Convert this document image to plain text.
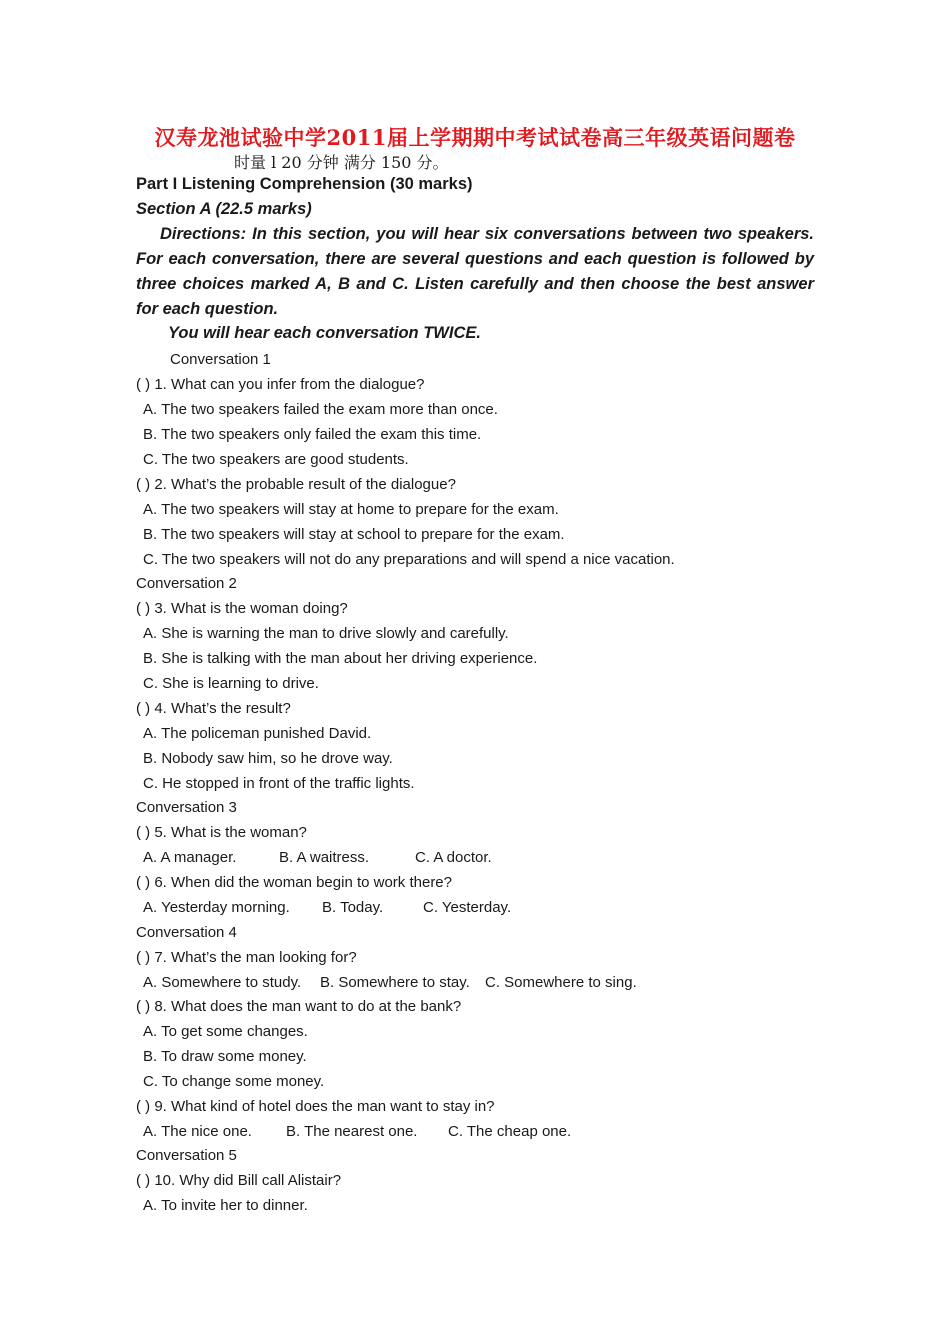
汉寿龙池试验中学2011届上学期期中考试试卷高三年级英语问题卷
时量 l 20 分钟 满分 150 分。
Part I Listening Comprehension (30 marks)
Section A (22.5 marks)
Directions: In this section, you will hear six conversations between two speakers. For each conversation, there are several questions and each question is followed by three choices marked A, B and C. Listen carefully and then choose the best answer for each question.
You will hear each conversation TWICE.
Conversation 1
( ) 1. What can you infer from the dialogue?
A. The two speakers failed the exam more than once.
B. The two speakers only failed the exam this time.
C. The two speakers are good students.
( ) 2. What’s the probable result of the dialogue?
A. The two speakers will stay at home to prepare for the exam.
B. The two speakers will stay at school to prepare for the exam.
C. The two speakers will not do any preparations and will spend a nice vacation.
Conversation 2
( ) 3. What is the woman doing?
A. She is warning the man to drive slowly and carefully.
B. She is talking with the man about her driving experience.
C. She is learning to drive.
( ) 4. What’s the result?
A. The policeman punished David.
B. Nobody saw him, so he drove way.
C. He stopped in front of the traffic lights.
Conversation 3
( ) 5. What is the woman?
A. A manager.	B. A waitress.	C. A doctor.
( ) 6. When did the woman begin to work there?
A. Yesterday morning.	B. Today.	C. Yesterday.
Conversation 4
( ) 7. What’s the man looking for?
A. Somewhere to study.	B. Somewhere to stay.	C. Somewhere to sing.
( ) 8. What does the man want to do at the bank?
A. To get some changes.
B. To draw some money.
C. To change some money.
( ) 9. What kind of hotel does the man want to stay in?
A. The nice one.	B. The nearest one.	C. The cheap one.
Conversation 5
( ) 10. Why did Bill call Alistair?
A. To invite her to dinner.
